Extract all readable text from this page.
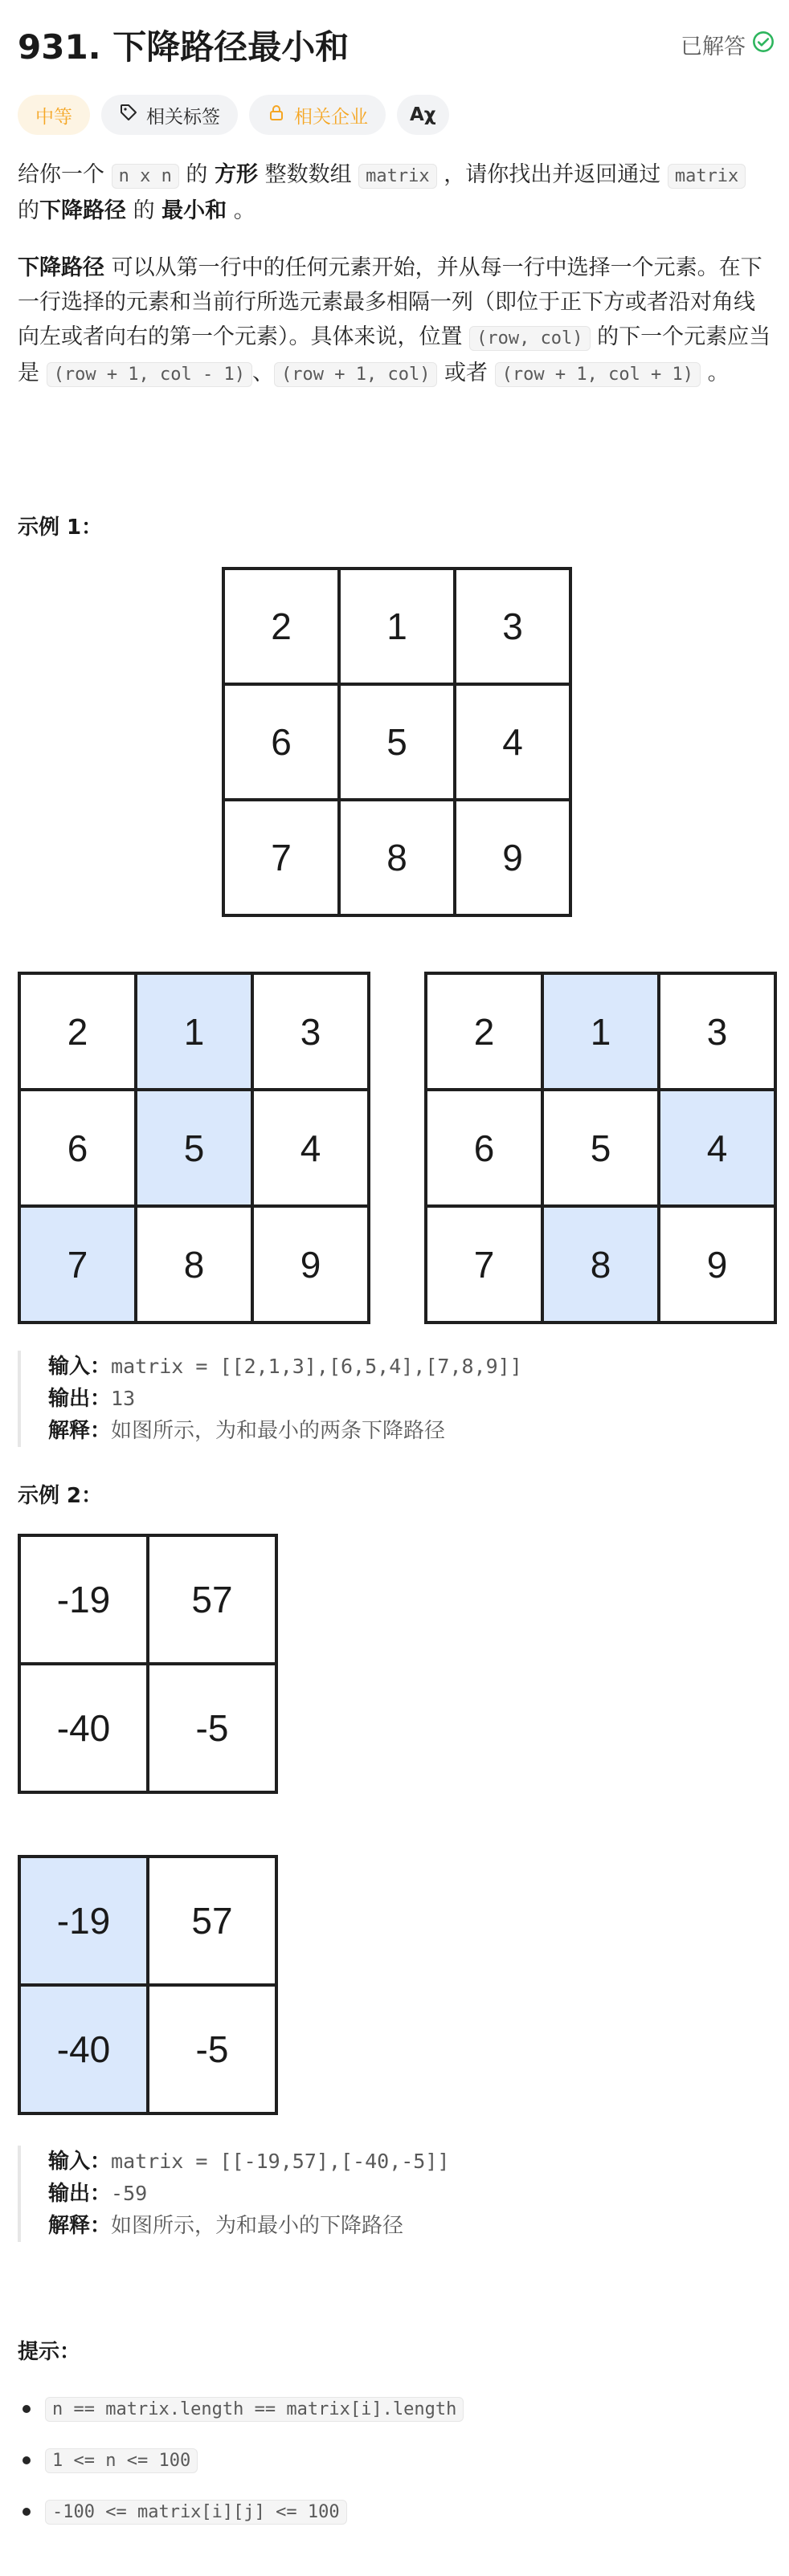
931. 下降路径最小和	已解答
中等	相关标签	相关企业 Aχ
给你一个 n x n 的 方形 整数数组 matrix ，请你找出并返回通过 matrix 的下降路径 的 最小和 。
下降路径 可以从第一行中的任何元素开始，并从每一行中选择一个元素。在下一行选择的元素和当前行所选元素最多相隔一列（即位于正下方或者沿对角线向左或者向右的第一个元素）。具体来说，位置 (row, col) 的下一个元素应当是 (row + 1, col - 1) 、 (row + 1, col) 或者 (row + 1, col + 1) 。
示例 1：
2	1	3
6	5	4
7	8	9
2	1	3
6	5	4
7	8	9
2	1	3
6	5	4
7	8	9
输入：matrix = [[2,1,3],[6,5,4],[7,8,9]]
输出：13
解释：如图所示，为和最小的两条下降路径
示例 2：
-19	57
-40	-5
-19	57
-40	-5
输入：matrix = [[-19,57],[-40,-5]]
输出：-59
解释：如图所示，为和最小的下降路径
提示：
n == matrix.length == matrix[i].length
1 <= n <= 100
-100 <= matrix[i][j] <= 100
